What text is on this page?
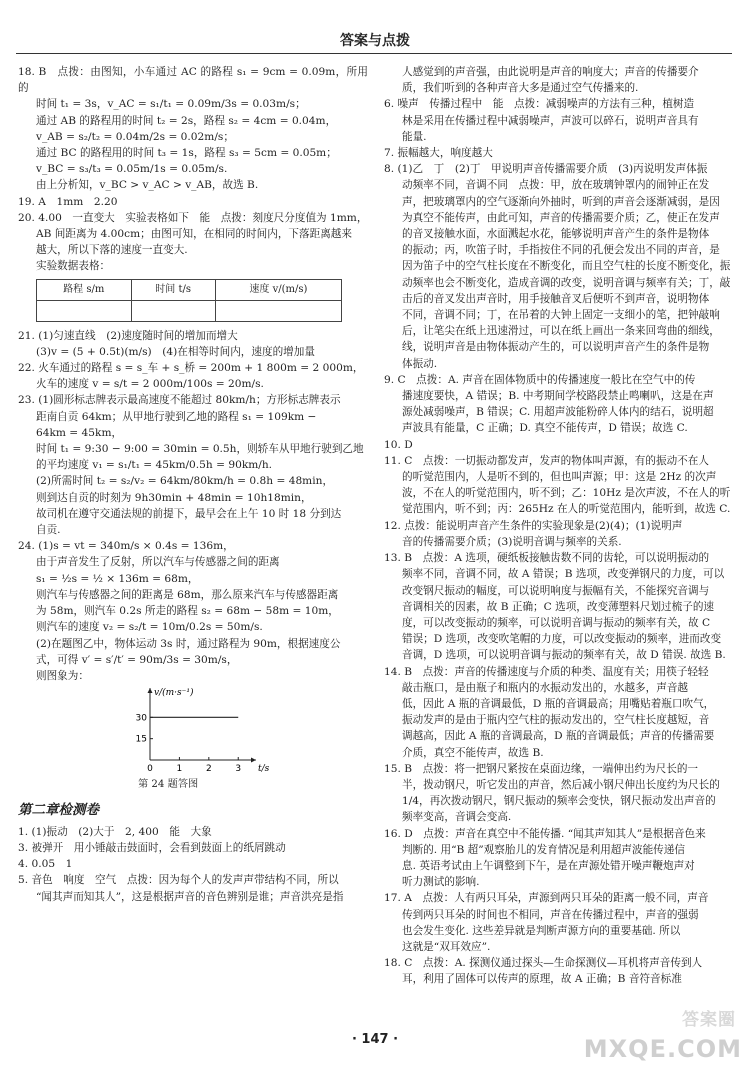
答案与点拨

18. B　点拨：由图知，小车通过 AC 的路程 s₁ = 9cm = 0.09m，所用的

时间 t₁ = 3s，v_AC = s₁/t₁ = 0.09m/3s = 0.03m/s；

通过 AB 的路程用的时间 t₂ = 2s，路程 s₂ = 4cm = 0.04m，

v_AB = s₂/t₂ = 0.04m/2s = 0.02m/s；

通过 BC 的路程用的时间 t₃ = 1s，路程 s₃ = 5cm = 0.05m；

v_BC = s₃/t₃ = 0.05m/1s = 0.05m/s.

由上分析知，v_BC > v_AC > v_AB，故选 B.

19. A　1mm　2.20

20. 4.00　一直变大　实验表格如下　能　点拨：刻度尺分度值为 1mm，

AB 间距离为 4.00cm；由图可知，在相同的时间内，下落距离越来

越大，所以下落的速度一直变大.

实验数据表格：

路程 s/m	时间 t/s	速度 v/(m/s)

21. (1)匀速直线　(2)速度随时间的增加而增大

(3)v = (5 + 0.5t)(m/s)　(4)在相等时间内，速度的增加量

22. 火车通过的路程 s = s_车 + s_桥 = 200m + 1 800m = 2 000m，

火车的速度 v = s/t = 2 000m/100s = 20m/s.

23. (1)圆形标志牌表示最高速度不能超过 80km/h；方形标志牌表示

距南自贡 64km；从甲地行驶到乙地的路程 s₁ = 109km −

64km = 45km，

时间 t₁ = 9:30 − 9:00 = 30min = 0.5h，则轿车从甲地行驶到乙地

的平均速度 v₁ = s₁/t₁ = 45km/0.5h = 90km/h.

(2)所需时间 t₂ = s₂/v₂ = 64km/80km/h = 0.8h = 48min，

则到达自贡的时刻为 9h30min + 48min = 10h18min，

故司机在遵守交通法规的前提下，最早会在上午 10 时 18 分到达

自贡.

24. (1)s = vt = 340m/s × 0.4s = 136m，

由于声音发生了反射，所以汽车与传感器之间的距离

s₁ = ½s = ½ × 136m = 68m，

则汽车与传感器之间的距离是 68m，那么原来汽车与传感器距离

为 58m，则汽车 0.2s 所走的路程 s₂ = 68m − 58m = 10m，

则汽车的速度 v₂ = s₂/t = 10m/0.2s = 50m/s.

(2)在题图乙中，物体运动 3s 时，通过路程为 90m，根据速度公

式，可得 v′ = s′/t′ = 90m/3s = 30m/s，

则图象为：

0	1	2	3
30
15
t/s
v/(m·s⁻¹)
第 24 题答图

第二章检测卷

1. (1)振动　(2)大于　2, 400　能　大象

3. 被弹开　用小锤敲击鼓面时，会看到鼓面上的纸屑跳动

4. 0.05　1

5. 音色　响度　空气　点拨：因为每个人的发声声带结构不同，所以

“闻其声而知其人”，这是根据声音的音色辨别是谁；声音洪亮是指

人感觉到的声音强，由此说明是声音的响度大；声音的传播要介

质，我们听到的各种声音大多是通过空气传播来的.

6. 噪声　传播过程中　能　点拨：减弱噪声的方法有三种，植树造

林是采用在传播过程中减弱噪声，声波可以碎石，说明声音具有

能量.

7. 振幅越大，响度越大

8. (1)乙　丁　(2)丁　甲说明声音传播需要介质　(3)丙说明发声体振

动频率不同，音调不同　点拨：甲，放在玻璃钟罩内的闹钟正在发

声，把玻璃罩内的空气逐渐向外抽时，听到的声音会逐渐减弱，是因

为真空不能传声，由此可知，声音的传播需要介质；乙，使正在发声

的音叉接触水面，水面溅起水花，能够说明声音产生的条件是物体

的振动；丙，吹笛子时，手指按住不同的孔便会发出不同的声音，是

因为笛子中的空气柱长度在不断变化，而且空气柱的长度不断变化，振

动频率也会不断变化，造成音调的改变，说明音调与频率有关；丁，敲

击后的音叉发出声音时，用手接触音叉后便听不到声音，说明物体

不同，音调不同；丁，在吊着的大钟上固定一支细小的笔，把钟敲响

后，让笔尖在纸上迅速滑过，可以在纸上画出一条来回弯曲的细线，

线，说明声音是由物体振动产生的，可以说明声音产生的条件是物

体振动.

9. C　点拨：A. 声音在固体物质中的传播速度一般比在空气中的传

播速度要快，A 错误；B. 中考期间学校路段禁止鸣喇叭，这是在声

源处减弱噪声，B 错误；C. 用超声波能粉碎人体内的结石，说明超

声波具有能量，C 正确；D. 真空不能传声，D 错误；故选 C.

10. D

11. C　点拨：一切振动都发声，发声的物体叫声源，有的振动不在人

的听觉范围内，人是听不到的，但也叫声源；甲：这是 2Hz 的次声

波，不在人的听觉范围内，听不到；乙：10Hz 是次声波，不在人的听

觉范围内，听不到；丙：265Hz 在人的听觉范围内，能听到，故选 C.

12. 点拨：能说明声音产生条件的实验现象是(2)(4)；(1)说明声

音的传播需要介质；(3)说明音调与频率的关系.

13. B　点拨：A 选项，硬纸板接触齿数不同的齿轮，可以说明振动的

频率不同，音调不同，故 A 错误；B 选项，改变弹钢尺的力度，可以

改变钢尺振动的幅度，可以说明响度与振幅有关，不能探究音调与

音调相关的因素，故 B 正确；C 选项，改变薄塑料尺划过梳子的速

度，可以改变振动的频率，可以说明音调与振动的频率有关，故 C

错误；D 选项，改变吹笔帽的力度，可以改变振动的频率，进而改变

音调，D 选项，可以说明音调与振动的频率有关，故 D 错误. 故选 B.

14. B　点拨：声音的传播速度与介质的种类、温度有关；用筷子轻轻

敲击瓶口，是由瓶子和瓶内的水振动发出的，水越多，声音越

低，因此 A 瓶的音调最低，D 瓶的音调最高；用嘴贴着瓶口吹气，

振动发声的是由于瓶内空气柱的振动发出的，空气柱长度越短，音

调越高，因此 A 瓶的音调最高，D 瓶的音调最低；声音的传播需要

介质，真空不能传声，故选 B.

15. B　点拨：将一把钢尺紧按在桌面边缘，一端伸出约为尺长的一

半，拨动钢尺，听它发出的声音，然后减小钢尺伸出长度约为尺长的

1/4，再次拨动钢尺，钢尺振动的频率会变快，钢尺振动发出声音的

频率变高，音调会变高.

16. D　点拨：声音在真空中不能传播. “闻其声知其人”是根据音色来

判断的. 用“B 超”观察胎儿的发育情况是利用超声波能传递信

息. 英语考试由上午调整到下午，是在声源处错开噪声鞭炮声对

听力测试的影响.

17. A　点拨：人有两只耳朵，声源到两只耳朵的距离一般不同，声音

传到两只耳朵的时间也不相同，声音在传播过程中，声音的强弱

也会发生变化. 这些差异就是判断声源方向的重要基础. 所以

这就是“双耳效应”.

18. C　点拨：A. 探测仪通过探头—生命探测仪—耳机将声音传到人

耳，利用了固体可以传声的原理，故 A 正确；B 音符音标准

· 147 ·
答案圈
MXQE.COM
